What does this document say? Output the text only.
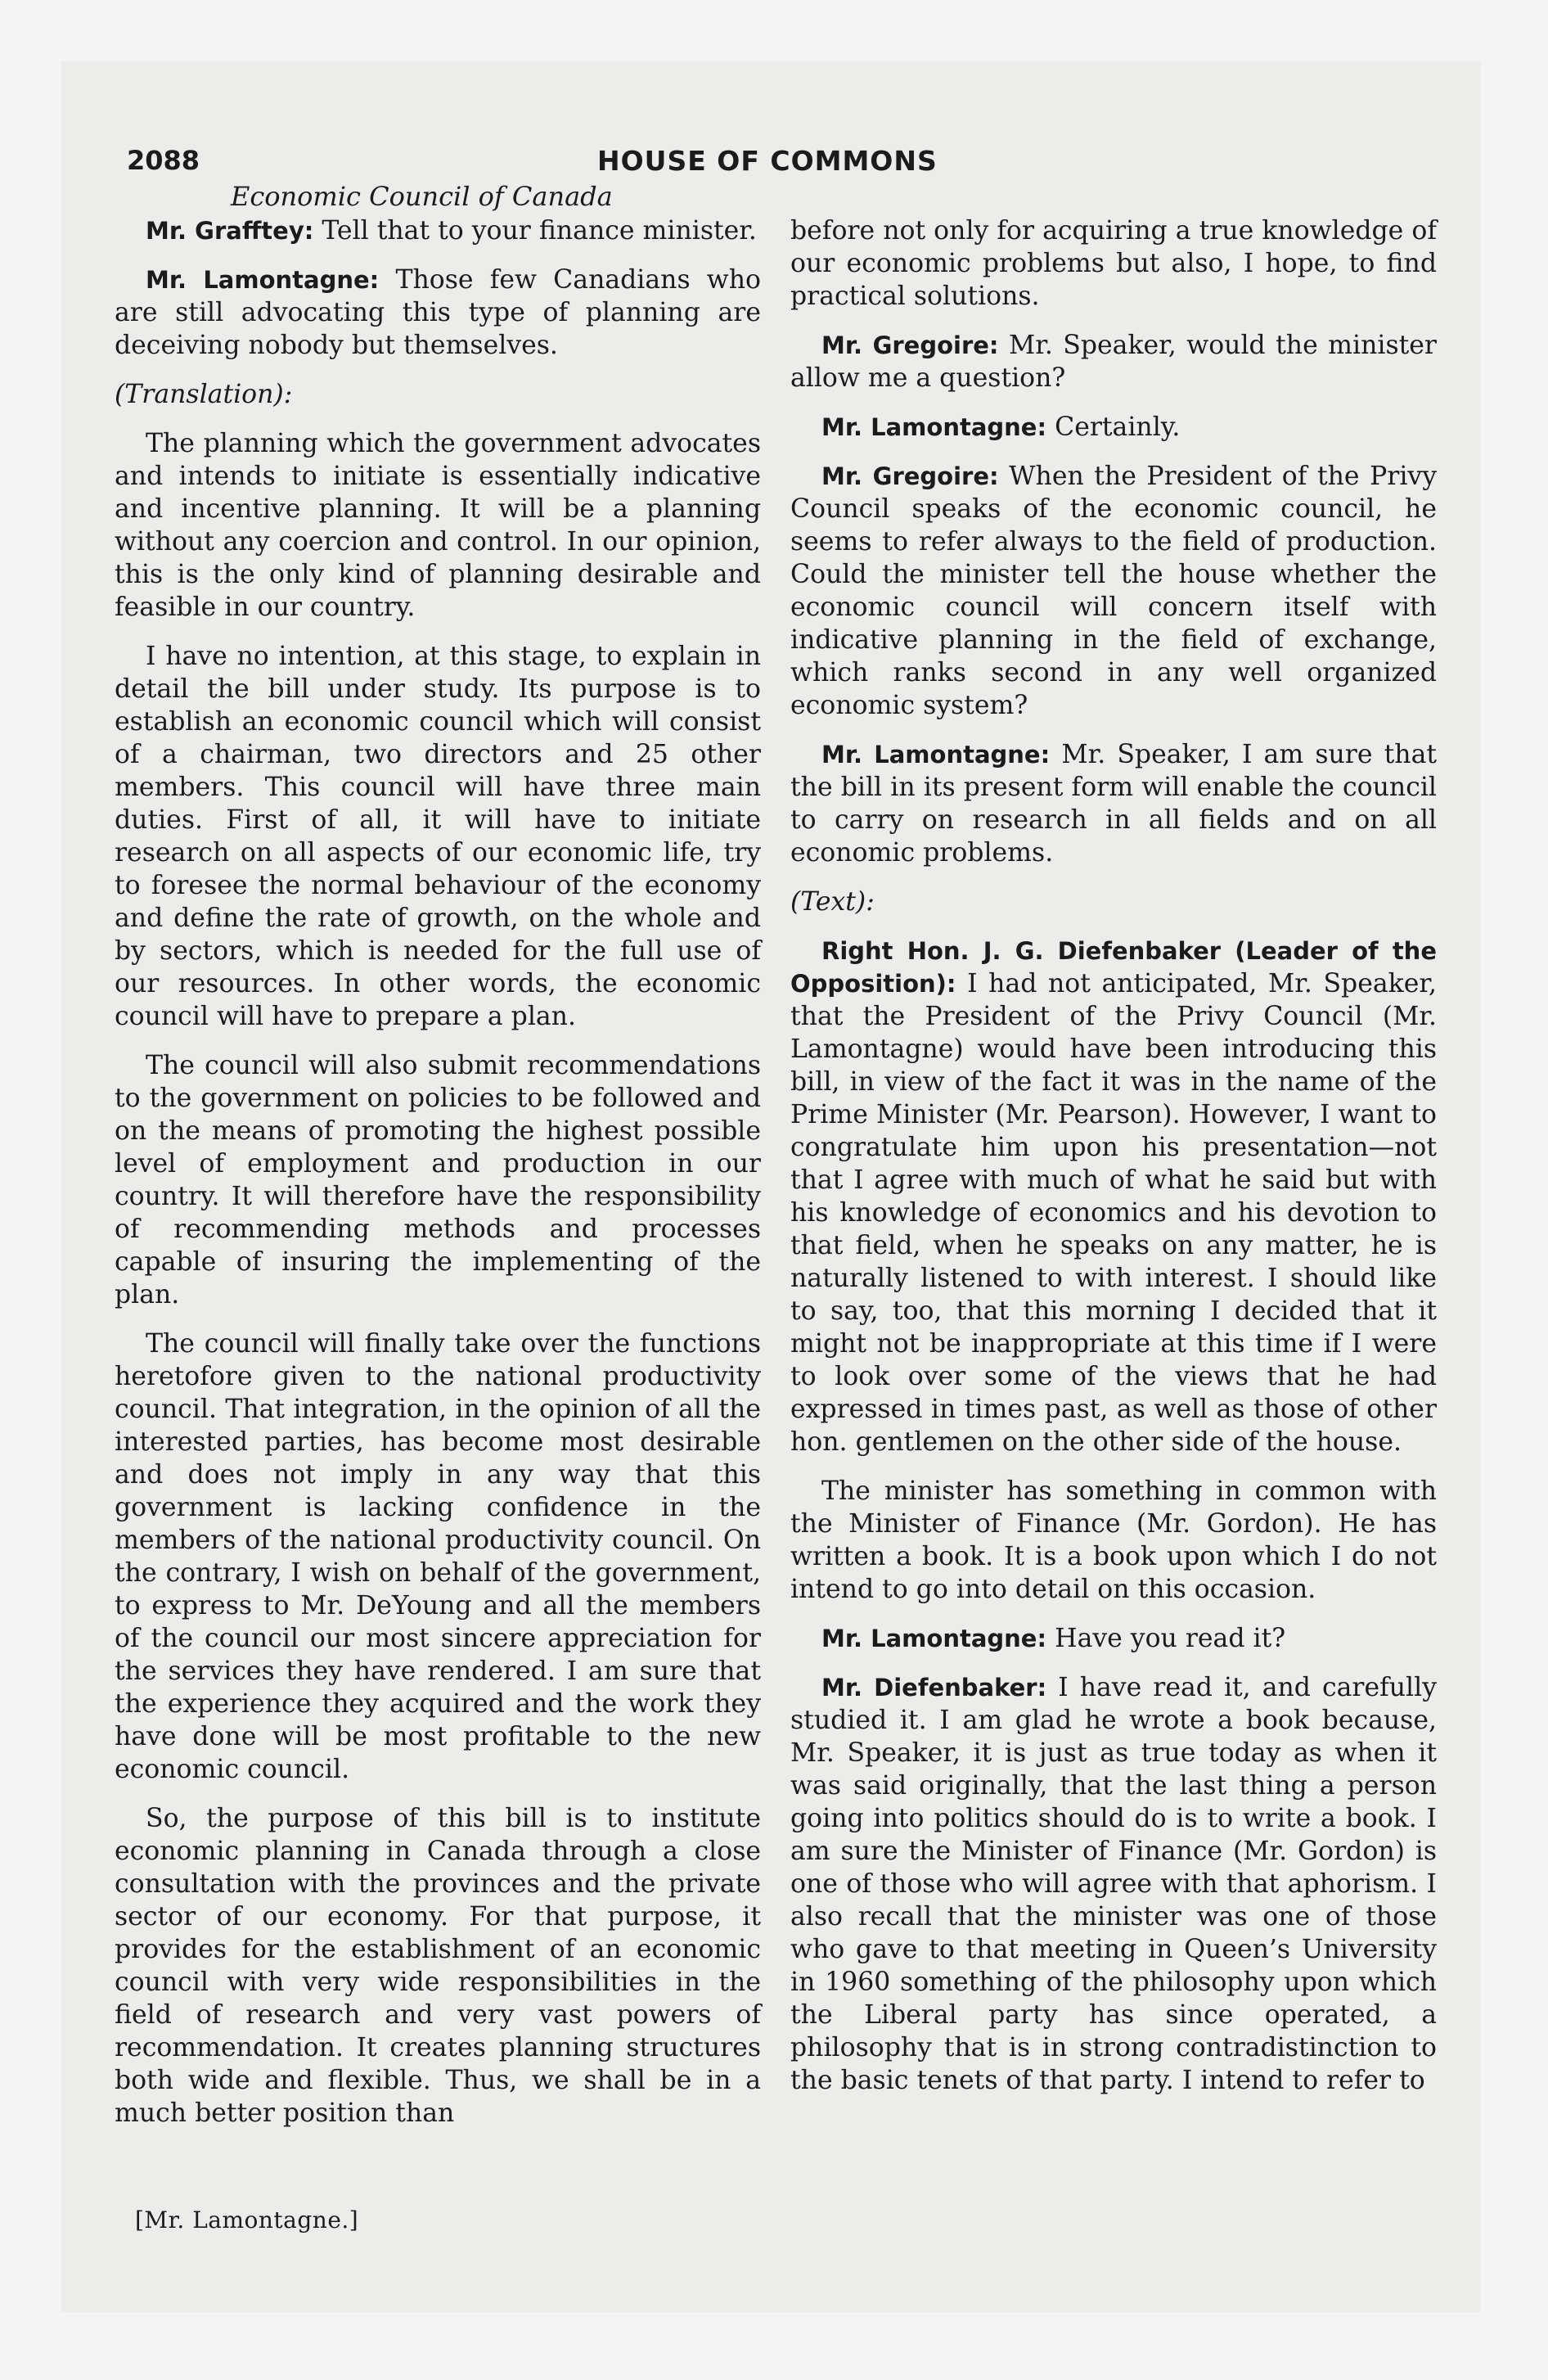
2088	HOUSE OF COMMONS
Economic Council of Canada

Mr. Grafftey: Tell that to your finance minister.

Mr. Lamontagne: Those few Canadians who are still advocating this type of planning are deceiving nobody but themselves.

(Translation):

The planning which the government advocates and intends to initiate is essentially indicative and incentive planning. It will be a planning without any coercion and control. In our opinion, this is the only kind of planning desirable and feasible in our country.

I have no intention, at this stage, to explain in detail the bill under study. Its purpose is to establish an economic council which will consist of a chairman, two directors and 25 other members. This council will have three main duties. First of all, it will have to initiate research on all aspects of our economic life, try to foresee the normal behaviour of the economy and define the rate of growth, on the whole and by sectors, which is needed for the full use of our resources. In other words, the economic council will have to prepare a plan.

The council will also submit recommendations to the government on policies to be followed and on the means of promoting the highest possible level of employment and production in our country. It will therefore have the responsibility of recommending methods and processes capable of insuring the implementing of the plan.

The council will finally take over the functions heretofore given to the national productivity council. That integration, in the opinion of all the interested parties, has become most desirable and does not imply in any way that this government is lacking confidence in the members of the national productivity council. On the contrary, I wish on behalf of the government, to express to Mr. DeYoung and all the members of the council our most sincere appreciation for the services they have rendered. I am sure that the experience they acquired and the work they have done will be most profitable to the new economic council.

So, the purpose of this bill is to institute economic planning in Canada through a close consultation with the provinces and the private sector of our economy. For that purpose, it provides for the establishment of an economic council with very wide responsibilities in the field of research and very vast powers of recommendation. It creates planning structures both wide and flexible. Thus, we shall be in a much better position than

before not only for acquiring a true knowledge of our economic problems but also, I hope, to find practical solutions.

Mr. Gregoire: Mr. Speaker, would the minister allow me a question?

Mr. Lamontagne: Certainly.

Mr. Gregoire: When the President of the Privy Council speaks of the economic council, he seems to refer always to the field of production. Could the minister tell the house whether the economic council will concern itself with indicative planning in the field of exchange, which ranks second in any well organized economic system?

Mr. Lamontagne: Mr. Speaker, I am sure that the bill in its present form will enable the council to carry on research in all fields and on all economic problems.

(Text):

Right Hon. J. G. Diefenbaker (Leader of the Opposition): I had not anticipated, Mr. Speaker, that the President of the Privy Council (Mr. Lamontagne) would have been introducing this bill, in view of the fact it was in the name of the Prime Minister (Mr. Pearson). However, I want to congratulate him upon his presentation—not that I agree with much of what he said but with his knowledge of economics and his devotion to that field, when he speaks on any matter, he is naturally listened to with interest. I should like to say, too, that this morning I decided that it might not be inappropriate at this time if I were to look over some of the views that he had expressed in times past, as well as those of other hon. gentlemen on the other side of the house.

The minister has something in common with the Minister of Finance (Mr. Gordon). He has written a book. It is a book upon which I do not intend to go into detail on this occasion.

Mr. Lamontagne: Have you read it?

Mr. Diefenbaker: I have read it, and carefully studied it. I am glad he wrote a book because, Mr. Speaker, it is just as true today as when it was said originally, that the last thing a person going into politics should do is to write a book. I am sure the Minister of Finance (Mr. Gordon) is one of those who will agree with that aphorism. I also recall that the minister was one of those who gave to that meeting in Queen’s University in 1960 something of the philosophy upon which the Liberal party has since operated, a philosophy that is in strong contradistinction to the basic tenets of that party. I intend to refer to

[Mr. Lamontagne.]
